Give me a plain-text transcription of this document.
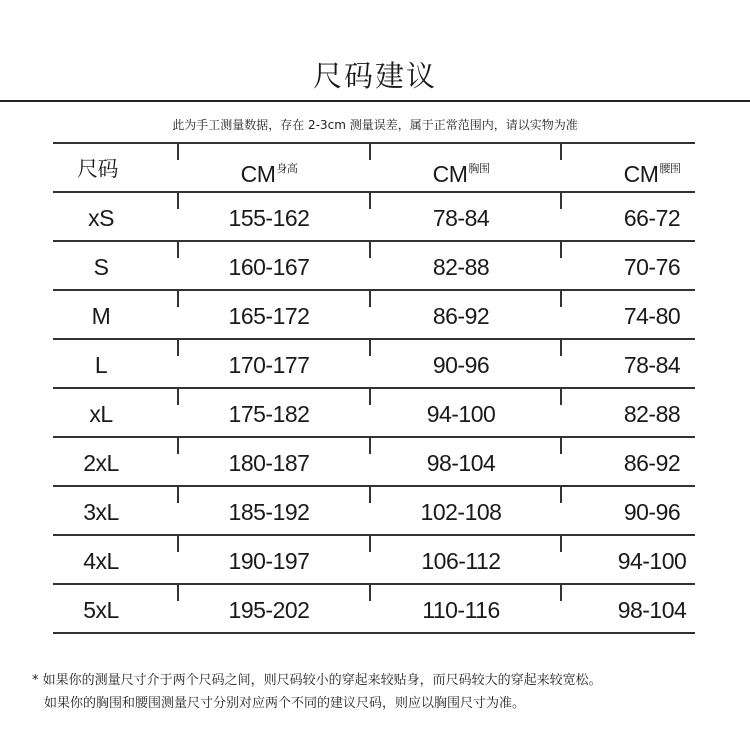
尺码建议
此为手工测量数据，存在 2-3cm 测量误差，属于正常范围内，请以实物为准
尺码	$CM^{身高}$	$CM^{胸围}$	$CM^{腰围}$
xS	155-162	78-84	66-72
S	160-167	82-88	70-76
M	165-172	86-92	74-80
L	170-177	90-96	78-84
xL	175-182	94-100	82-88
2xL	180-187	98-104	86-92
3xL	185-192	102-108	90-96
4xL	190-197	106-112	94-100
5xL	195-202	110-116	98-104
* 如果你的测量尺寸介于两个尺码之间，则尺码较小的穿起来较贴身，而尺码较大的穿起来较宽松。
如果你的胸围和腰围测量尺寸分别对应两个不同的建议尺码，则应以胸围尺寸为准。
